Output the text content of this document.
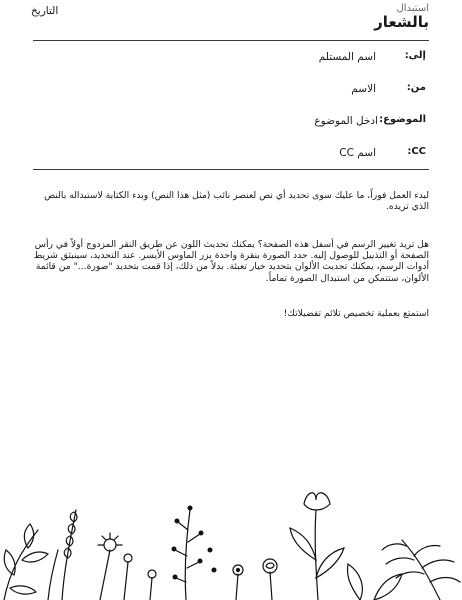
التاريخ	استبدال
بالشعار
إلى:
اسم المستلم
من:
الاسم
الموضوع:
ادخل الموضوع
CC:
اسم CC
لبدء العمل فوراً، ما عليك سوى تحديد أي نص لعنصر نائب (مثل هذا النص) وبدء الكتابة لاستبداله بالنص الذي تريده.
هل تريد تغيير الرسم في أسفل هذه الصفحة؟ يمكنك تحديث اللون عن طريق النقر المزدوج أولاً في رأس الصفحة أو التذييل للوصول إليه. حدد الصورة بنقرة واحدة بزر الماوس الأيسر. عند التحديد، سينبثق شريط أدوات الرسم، يمكنك تحديث الألوان بتحديد خيار تعبئة. بدلاً من ذلك، إذا قمت بتحديد "صورة..." من قائمة الألوان، ستتمكن من استبدال الصورة تماماً.
استمتع بعملية تخصيص تلائم تفضيلاتك!
